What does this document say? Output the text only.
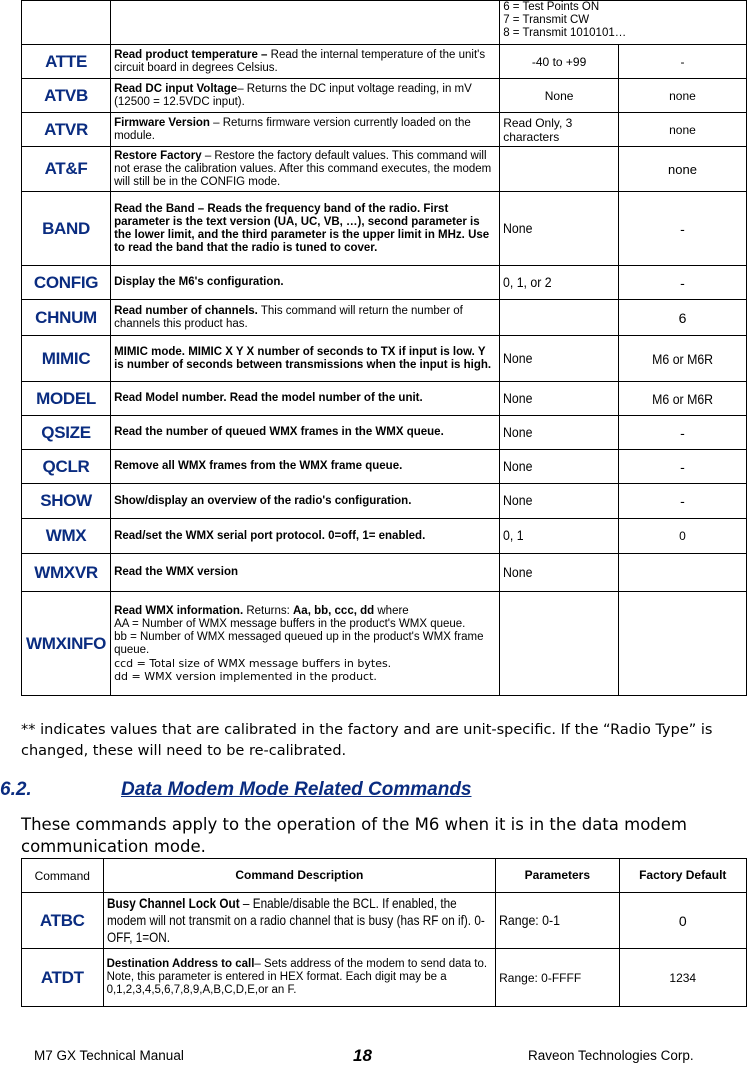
		6 = Test Points ON
7 = Transmit CW
8 = Transmit 1010101…	

ATTE	Read product temperature – Read the internal temperature of the unit's circuit board in degrees Celsius.	-40 to +99	-
ATVB	Read DC input Voltage– Returns the DC input voltage reading, in mV (12500 = 12.5VDC input).	None	none
ATVR	Firmware Version – Returns firmware version currently loaded on the module.	Read Only, 3 characters	none
AT&F	Restore Factory – Restore the factory default values. This command will not erase the calibration values. After this command executes, the modem will still be in the CONFIG mode.		none
BAND	Read the Band – Reads the frequency band of the radio. First parameter is the text version (UA, UC, VB, …), second parameter is the lower limit, and the third parameter is the upper limit in MHz. Use to read the band that the radio is tuned to cover.	None	-
CONFIG	Display the M6's configuration.	0, 1, or 2	-
CHNUM	Read number of channels. This command will return the number of channels this product has.		6
MIMIC	MIMIC mode. MIMIC X Y X number of seconds to TX if input is low. Y is number of seconds between transmissions when the input is high.	None	M6 or M6R
MODEL	Read Model number. Read the model number of the unit.	None	M6 or M6R
QSIZE	Read the number of queued WMX frames in the WMX queue.	None	-
QCLR	Remove all WMX frames from the WMX frame queue.	None	-
SHOW	Show/display an overview of the radio's configuration.	None	-
WMX	Read/set the WMX serial port protocol. 0=off, 1= enabled.	0, 1	0
WMXVR	Read the WMX version	None	
WMXINFO	Read WMX information. Returns: Aa, bb, ccc, dd where
AA = Number of WMX message buffers in the product's WMX queue.
bb = Number of WMX messaged queued up in the product's WMX frame queue.
ccd = Total size of WMX message buffers in bytes.
dd = WMX version implemented in the product.		

** indicates values that are calibrated in the factory and are unit-specific. If the “Radio Type” is changed, these will need to be re-calibrated.
6.2.	Data Modem Mode Related Commands
These commands apply to the operation of the M6 when it is in the data modem communication mode.
Command	Command Description	Parameters	Factory Default
ATBC	Busy Channel Lock Out – Enable/disable the BCL. If enabled, the modem will not transmit on a radio channel that is busy (has RF on if). 0-OFF, 1=ON.	Range: 0-1	0
ATDT	Destination Address to call– Sets address of the modem to send data to. Note, this parameter is entered in HEX format. Each digit may be a 0,1,2,3,4,5,6,7,8,9,A,B,C,D,E,or an F.	Range: 0-FFFF	1234
M7 GX Technical Manual	18	Raveon Technologies Corp.
